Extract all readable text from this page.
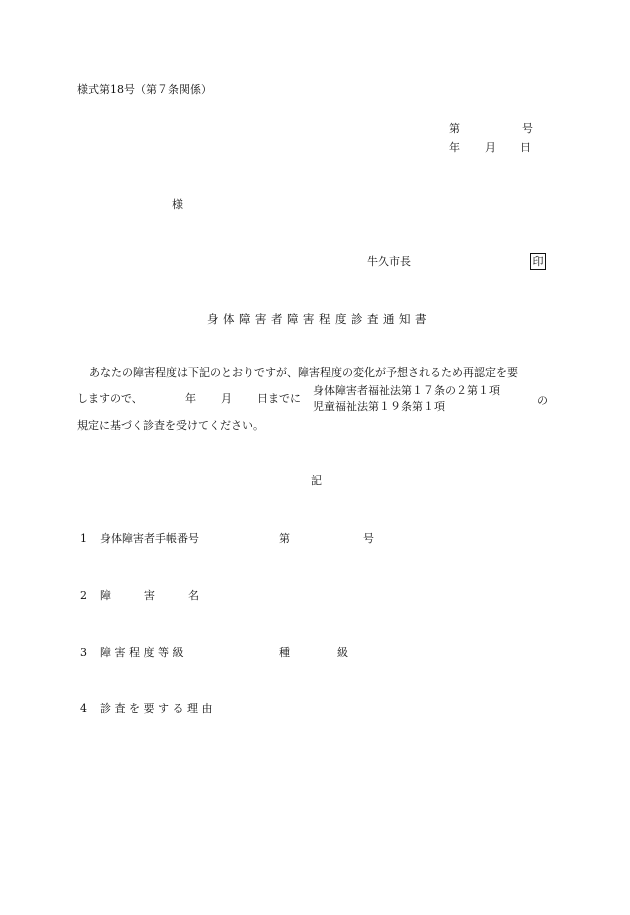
様式第18号（第７条関係）
第	号
年 月 日
様
牛久市長	印
身体障害者障害程度診査通知書
あなたの障害程度は下記のとおりですが、障害程度の変化が予想されるため再認定を要
しますので、	年 月 日までに
身体障害者福祉法第１７条の２第１項
児童福祉法第１９条第１項	の
規定に基づく診査を受けてください。
記
1 身体障害者手帳番号	第	号
2 障　　　害　　　名
3 障 害 程 度 等 級	種	級
4 診 査 を 要 す る 理 由
